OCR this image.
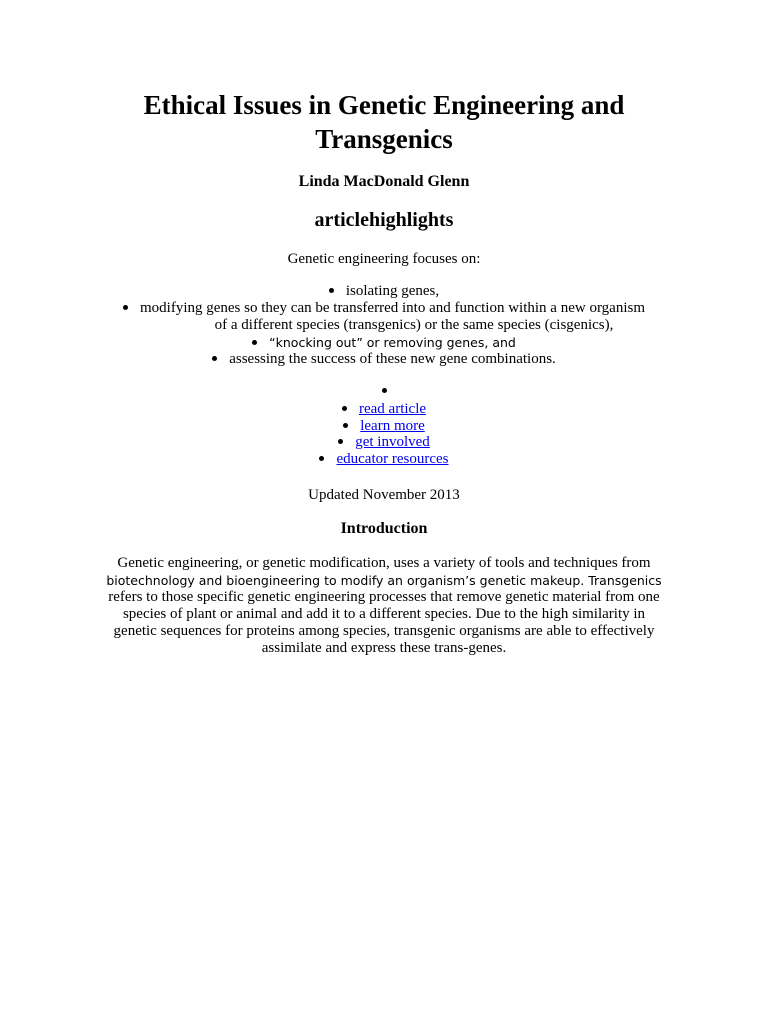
Ethical Issues in Genetic Engineering and
Transgenics

Linda MacDonald Glenn

articlehighlights

Genetic engineering focuses on:

isolating genes,
modifying genes so they can be transferred into and function within a new organism
of a different species (transgenics) or the same species (cisgenics),
“knocking out” or removing genes, and
assessing the success of these new gene combinations.
read article
learn more
get involved
educator resources

Updated November 2013

Introduction
Genetic engineering, or genetic modification, uses a variety of tools and techniques from
biotechnology and bioengineering to modify an organism’s genetic makeup. Transgenics
refers to those specific genetic engineering processes that remove genetic material from one
species of plant or animal and add it to a different species. Due to the high similarity in
genetic sequences for proteins among species, transgenic organisms are able to effectively
assimilate and express these trans-genes.
